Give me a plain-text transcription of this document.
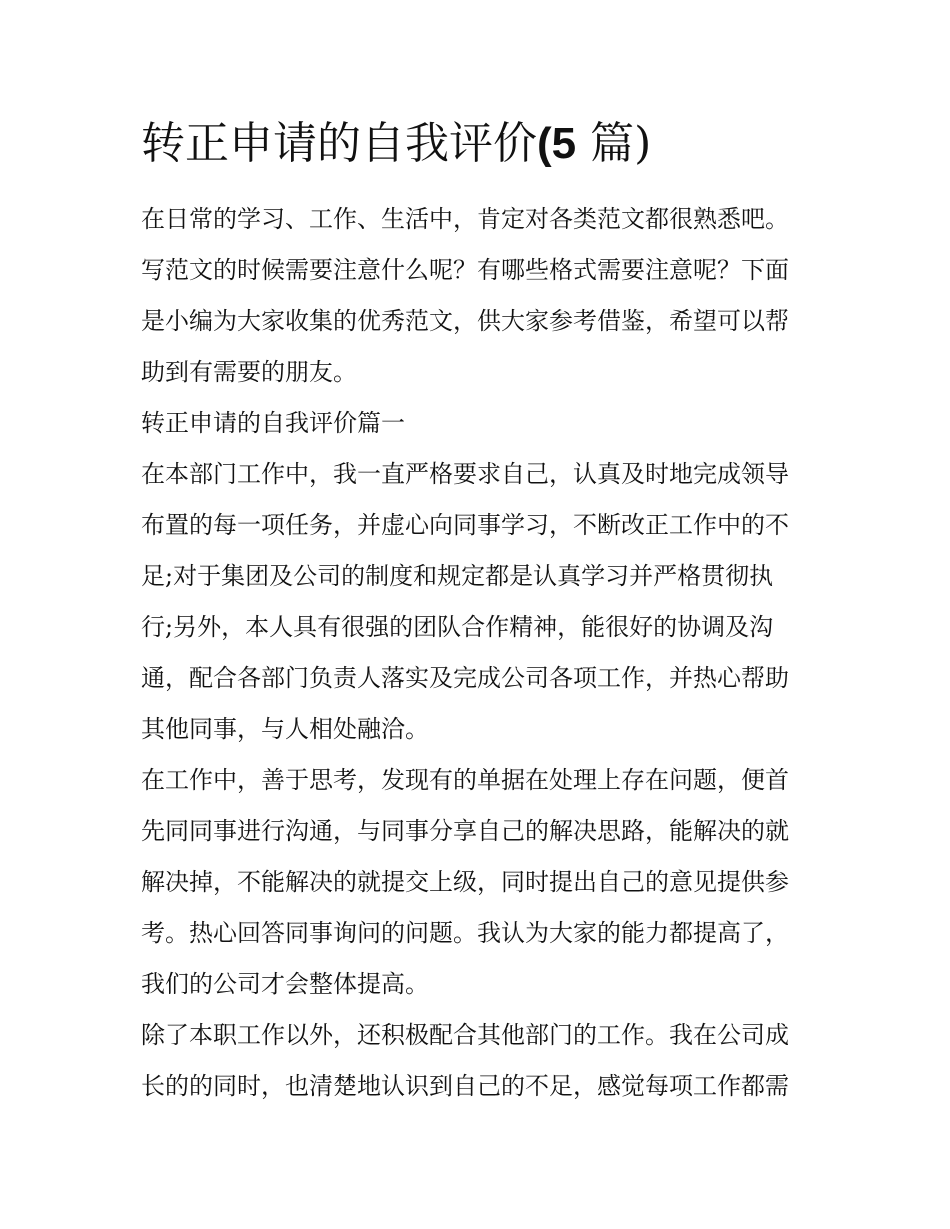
转正申请的自我评价(5 篇)
在日常的学习、工作、生活中，肯定对各类范文都很熟悉吧。
写范文的时候需要注意什么呢？有哪些格式需要注意呢？下面
是小编为大家收集的优秀范文，供大家参考借鉴，希望可以帮
助到有需要的朋友。
转正申请的自我评价篇一
在本部门工作中，我一直严格要求自己，认真及时地完成领导
布置的每一项任务，并虚心向同事学习，不断改正工作中的不
足;对于集团及公司的制度和规定都是认真学习并严格贯彻执
行;另外，本人具有很强的团队合作精神，能很好的协调及沟
通，配合各部门负责人落实及完成公司各项工作，并热心帮助
其他同事，与人相处融洽。
在工作中，善于思考，发现有的单据在处理上存在问题，便首
先同同事进行沟通，与同事分享自己的解决思路，能解决的就
解决掉，不能解决的就提交上级，同时提出自己的意见提供参
考。热心回答同事询问的问题。我认为大家的能力都提高了，
我们的公司才会整体提高。
除了本职工作以外，还积极配合其他部门的工作。我在公司成
长的的同时，也清楚地认识到自己的不足，感觉每项工作都需
